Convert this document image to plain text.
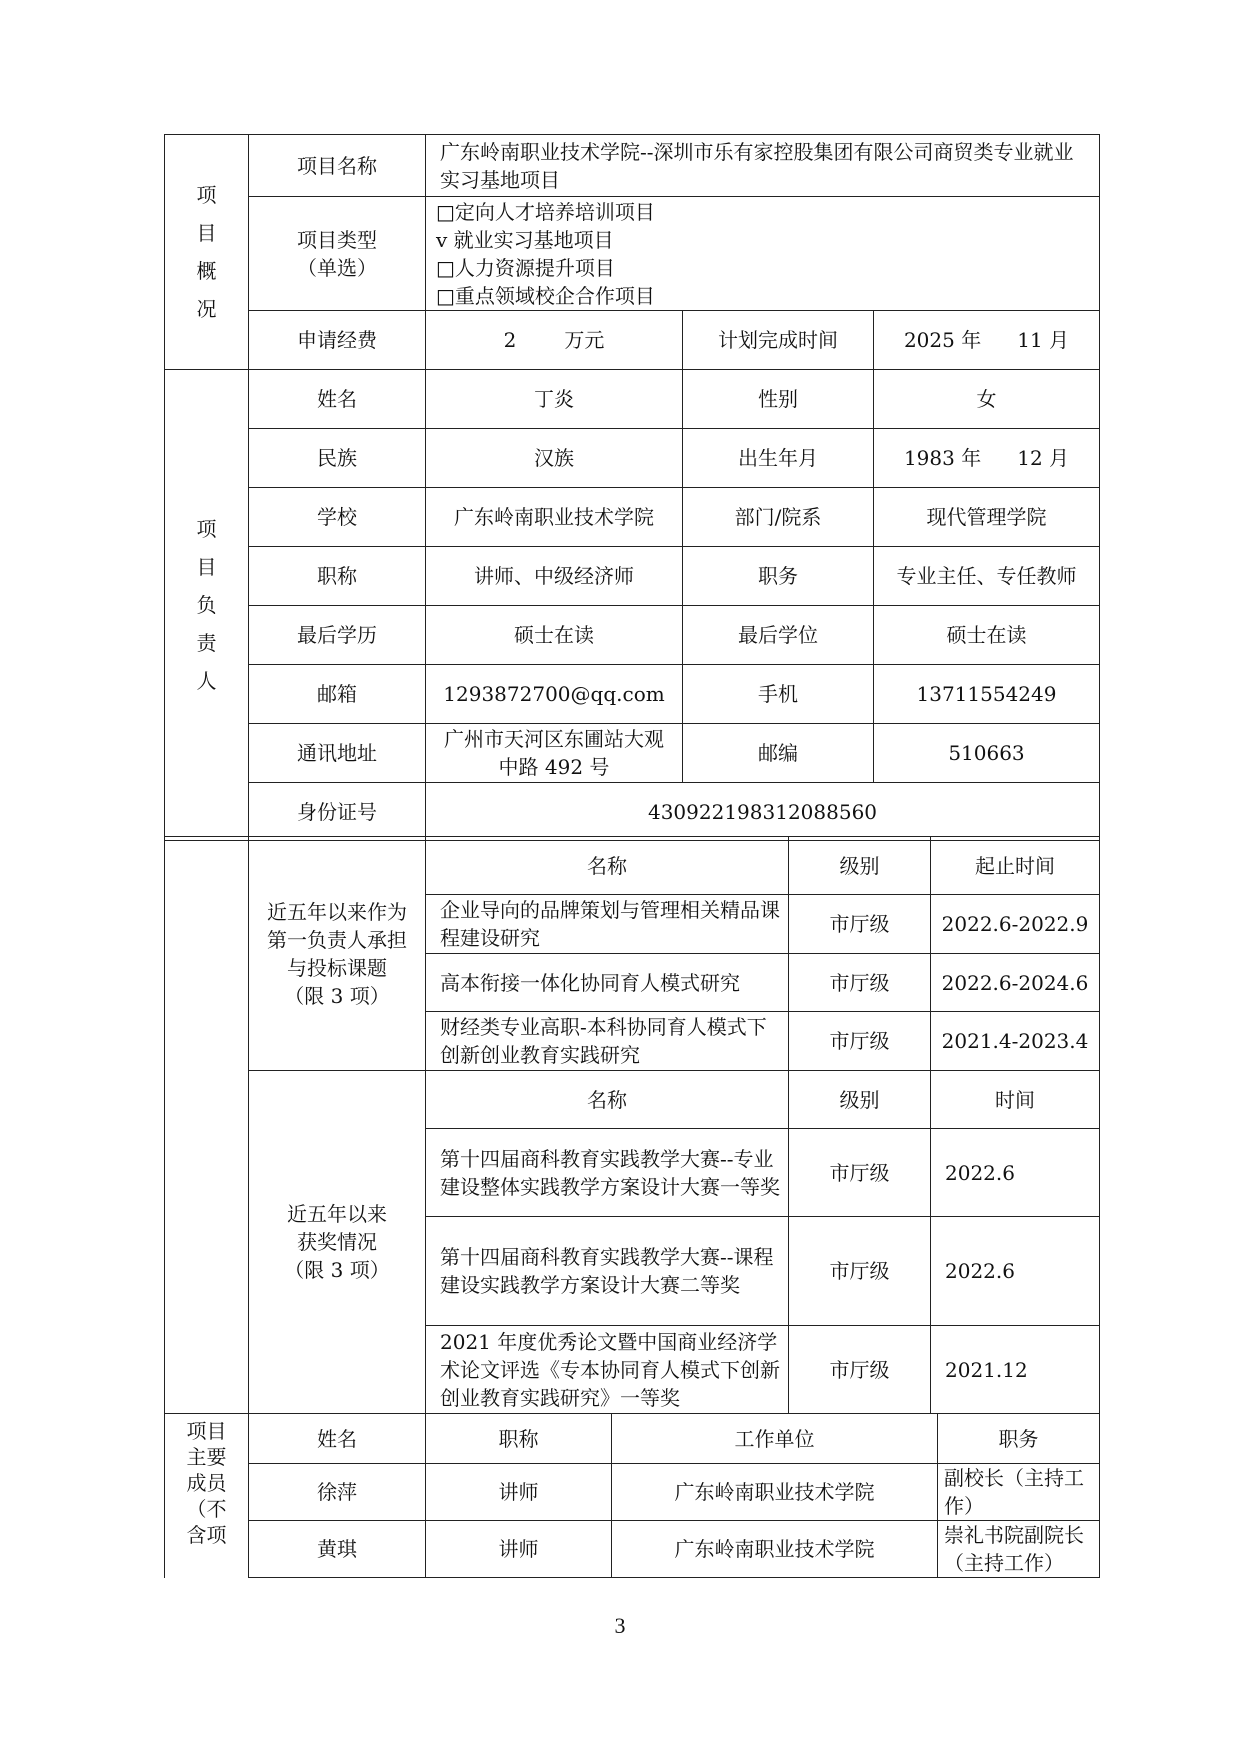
项
目
概
况	项目名称	广东岭南职业技术学院--深圳市乐有家控股集团有限公司商贸类专业就业实习基地项目		

	项目类型
（单选）	□定向人才培养培训项目
v 就业实习基地项目
□人力资源提升项目
□重点领域校企合作项目		

	申请经费	2 万元	计划完成时间	2025 年 11 月

项
目
负
责
人	姓名	丁炎	性别	女
	民族	汉族	出生年月	1983 年 12 月
	学校	广东岭南职业技术学院	部门/院系	现代管理学院
	职称	讲师、中级经济师	职务	专业主任、专任教师
	最后学历	硕士在读	最后学位	硕士在读
	邮箱	1293872700@qq.com	手机	13711554249
	通讯地址	广州市天河区东圃站大观中路 492 号	邮编	510663
	身份证号	430922198312088560		

	近五年以来作为
第一负责人承担
与投标课题
（限 3 项）	名称	级别	起止时间
		企业导向的品牌策划与管理相关精品课程建设研究	市厅级	2022.6-2022.9
		高本衔接一体化协同育人模式研究	市厅级	2022.6-2024.6
		财经类专业高职-本科协同育人模式下创新创业教育实践研究	市厅级	2021.4-2023.4

	近五年以来
获奖情况
（限 3 项）	名称	级别	时间
		第十四届商科教育实践教学大赛--专业建设整体实践教学方案设计大赛一等奖	市厅级	2022.6
		第十四届商科教育实践教学大赛--课程建设实践教学方案设计大赛二等奖	市厅级	2022.6
		2021 年度优秀论文暨中国商业经济学术论文评选《专本协同育人模式下创新创业教育实践研究》一等奖	市厅级	2021.12
项目
主要
成员
（不
含项	姓名	职称	工作单位	职务
	徐萍	讲师	广东岭南职业技术学院	副校长（主持工作）
	黄琪	讲师	广东岭南职业技术学院	崇礼书院副院长（主持工作）
3
